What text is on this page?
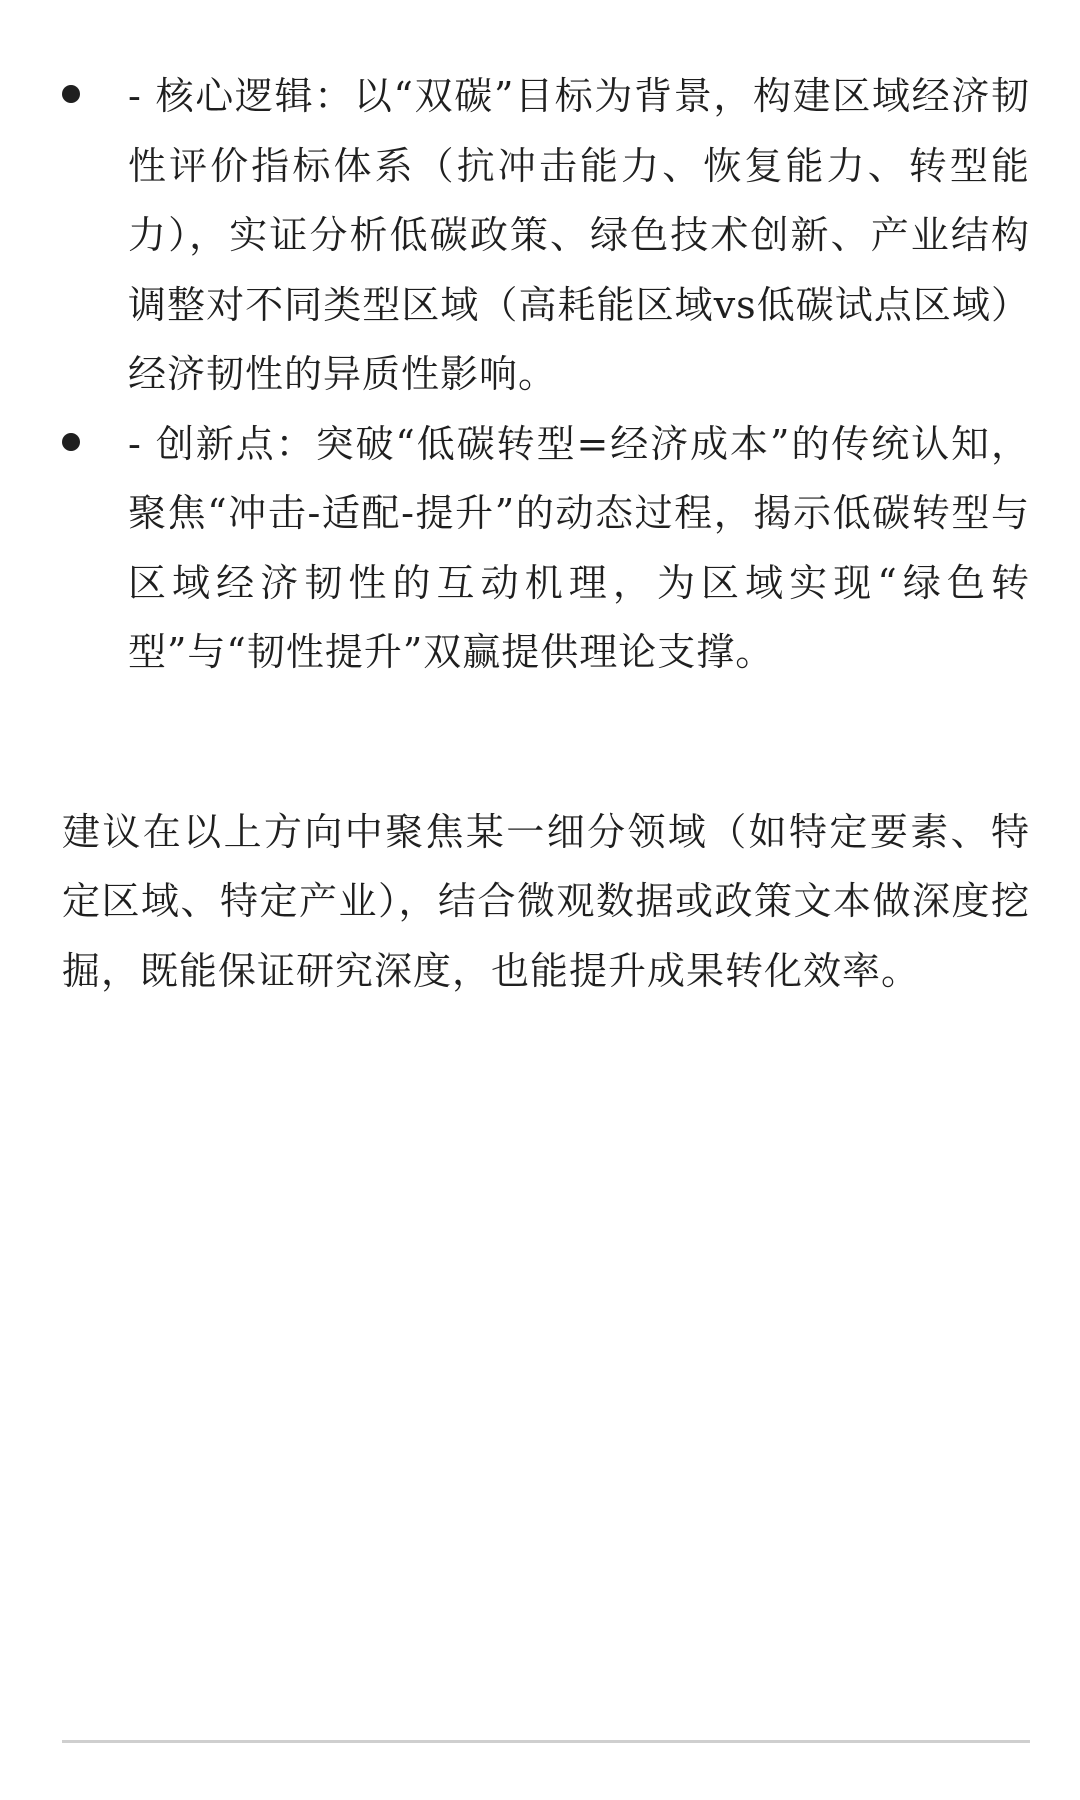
- 核心逻辑：以“双碳”目标为背景，构建区域经济韧性评价指标体系（抗冲击能力、恢复能力、转型能力），实证分析低碳政策、绿色技术创新、产业结构调整对不同类型区域（高耗能区域vs低碳试点区域）经济韧性的异质性影响。
- 创新点：突破“低碳转型=经济成本”的传统认知，聚焦“冲击-适配-提升”的动态过程，揭示低碳转型与区域经济韧性的互动机理，为区域实现“绿色转型”与“韧性提升”双赢提供理论支撑。

建议在以上方向中聚焦某一细分领域（如特定要素、特定区域、特定产业），结合微观数据或政策文本做深度挖掘，既能保证研究深度，也能提升成果转化效率。
